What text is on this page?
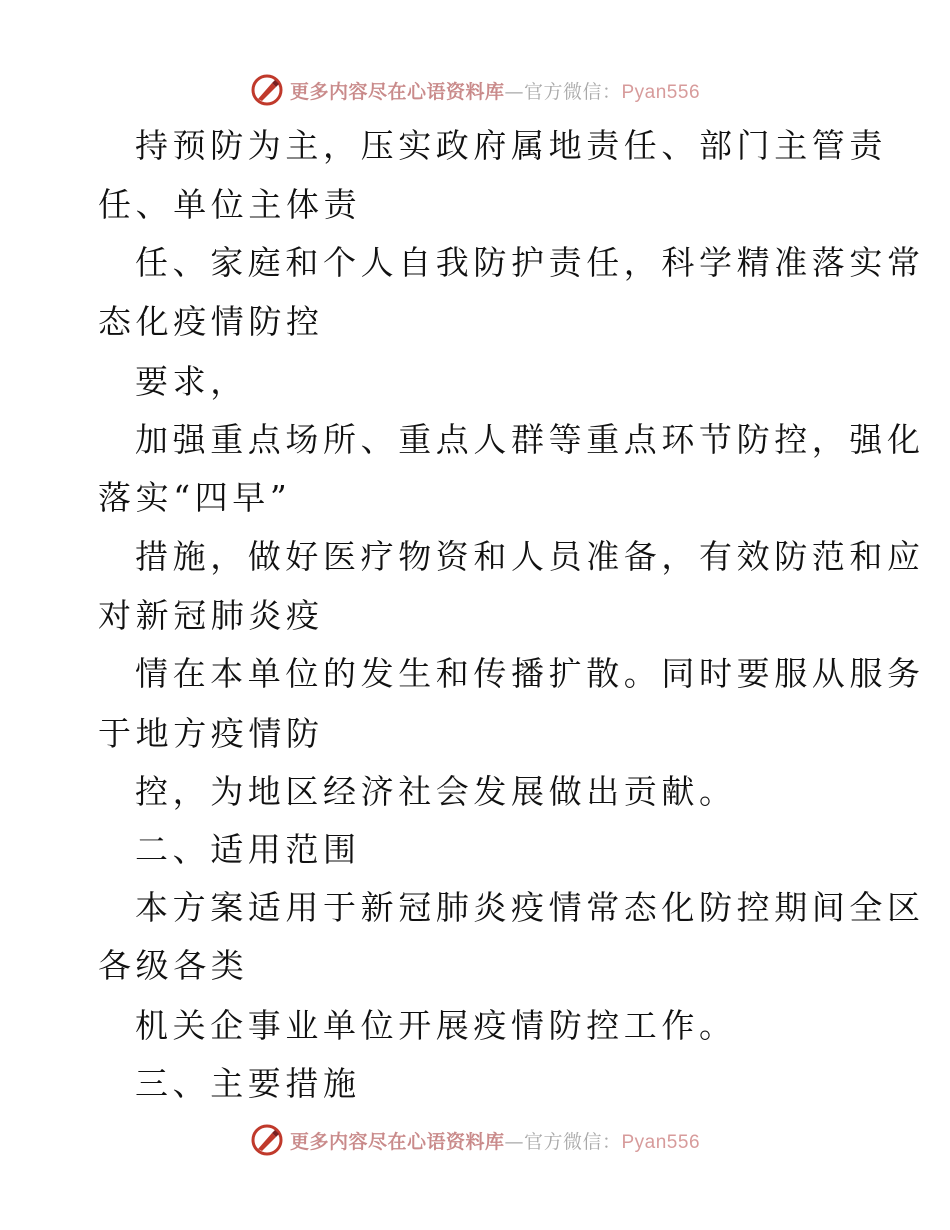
更多内容尽在心语资料库—官方微信：Pyan556
持预防为主，压实政府属地责任、部门主管责
任、单位主体责
任、家庭和个人自我防护责任，科学精准落实常
态化疫情防控
要求，
加强重点场所、重点人群等重点环节防控，强化
落实“四早”
措施，做好医疗物资和人员准备，有效防范和应
对新冠肺炎疫
情在本单位的发生和传播扩散。同时要服从服务
于地方疫情防
控，为地区经济社会发展做出贡献。
二、适用范围
本方案适用于新冠肺炎疫情常态化防控期间全区
各级各类
机关企事业单位开展疫情防控工作。
三、主要措施
更多内容尽在心语资料库—官方微信：Pyan556
